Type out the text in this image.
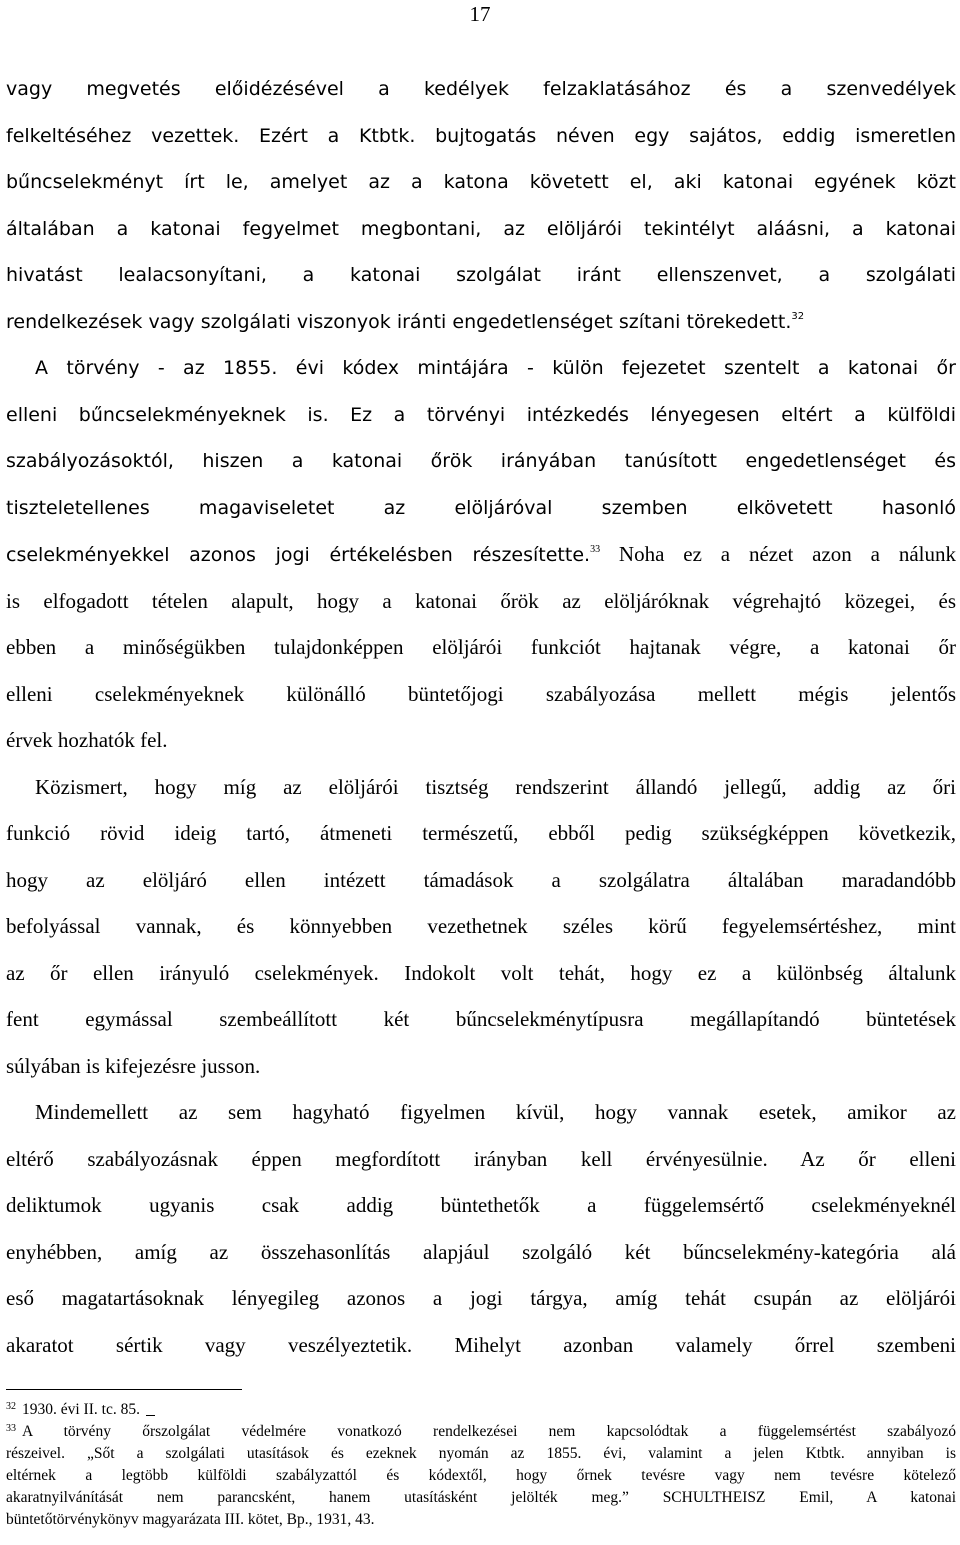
17
vagy megvetés előidézésével a kedélyek felzaklatásához és a szenvedélyek
felkeltéséhez vezettek. Ezért a Ktbtk. bujtogatás néven egy sajátos, eddig ismeretlen
bűncselekményt írt le, amelyet az a katona követett el, aki katonai egyének közt
általában a katonai fegyelmet megbontani, az elöljárói tekintélyt aláásni, a katonai
hivatást lealacsonyítani, a katonai szolgálat iránt ellenszenvet, a szolgálati
rendelkezések vagy szolgálati viszonyok iránti engedetlenséget szítani törekedett.$^{32}$
A törvény - az 1855. évi kódex mintájára - külön fejezetet szentelt a katonai őr
elleni bűncselekményeknek is. Ez a törvényi intézkedés lényegesen eltért a külföldi
szabályozásoktól, hiszen a katonai őrök irányában tanúsított engedetlenséget és
tiszteletellenes magaviseletet az elöljáróval szemben elkövetett hasonló
cselekményekkel azonos jogi értékelésben részesítette.$^{33}$ Noha ez a nézet azon a nálunk
is elfogadott tételen alapult, hogy a katonai őrök az elöljáróknak végrehajtó közegei, és
ebben a minőségükben tulajdonképpen elöljárói funkciót hajtanak végre, a katonai őr
elleni cselekményeknek különálló büntetőjogi szabályozása mellett mégis jelentős
érvek hozhatók fel.
Közismert, hogy míg az elöljárói tisztség rendszerint állandó jellegű, addig az őri
funkció rövid ideig tartó, átmeneti természetű, ebből pedig szükségképpen következik,
hogy az elöljáró ellen intézett támadások a szolgálatra általában maradandóbb
befolyással vannak, és könnyebben vezethetnek széles körű fegyelemsértéshez, mint
az őr ellen irányuló cselekmények. Indokolt volt tehát, hogy ez a különbség által​unk
fent egymással szembeállított két bűncselekménytípusra megállapítandó büntetések
súlyában is kifejezésre jusson.
Mindemellett az sem hagyható figyelmen kívül, hogy vannak esetek, amikor az
eltérő szabályozásnak éppen megfordított irányban kell érvényesülnie. Az őr elleni
deliktumok ugyanis csak addig büntethetők a függelemsértő cselekményeknél
enyhébben, amíg az összehasonlítás alapjául szolgáló két bűncselekmény-kategória alá
eső magatartásoknak lényegileg azonos a jogi tárgya, amíg tehát csupán az elöljárói
akaratot sértik vagy veszélyeztetik. Mihelyt azonban valamely őrrel szembeni
$^{32}$ 1930. évi II. tc. 85.
$^{33}$ A törvény őrszolgálat védelmére vonatkozó rendelkezései nem kapcsolódtak a függelemsértést szabályozó
részeivel. „Sőt a szolgálati utasítások és ezeknek nyomán az 1855. évi, valamint a jelen Ktbtk. annyiban is
eltérnek a legtöbb külföldi szabályzattól és kódextől, hogy őrnek tevésre vagy nem tevésre kötelező
akaratnyilvánítását nem parancsként, hanem utasításként jelölték meg.” SCHULTHEISZ Emil, A katonai
büntetőtörvénykönyv magyarázata III. kötet, Bp., 1931, 43.
